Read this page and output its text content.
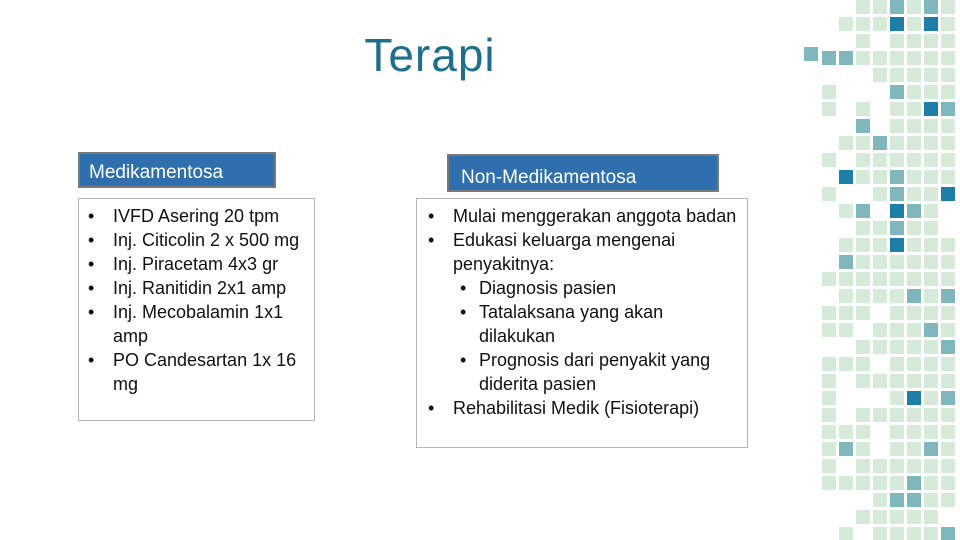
Terapi
Medikamentosa	Non-Medikamentosa
• IVFD Asering 20 tpm
• Inj. Citicolin 2 x 500 mg
• Inj. Piracetam 4x3 gr
• Inj. Ranitidin 2x1 amp
• Inj. Mecobalamin 1x1 amp
• PO Candesartan 1x 16 mg
• Mulai menggerakan anggota badan
• Edukasi keluarga mengenai penyakitnya:
• Diagnosis pasien
• Tatalaksana yang akan dilakukan
• Prognosis dari penyakit yang diderita pasien
• Rehabilitasi Medik (Fisioterapi)
